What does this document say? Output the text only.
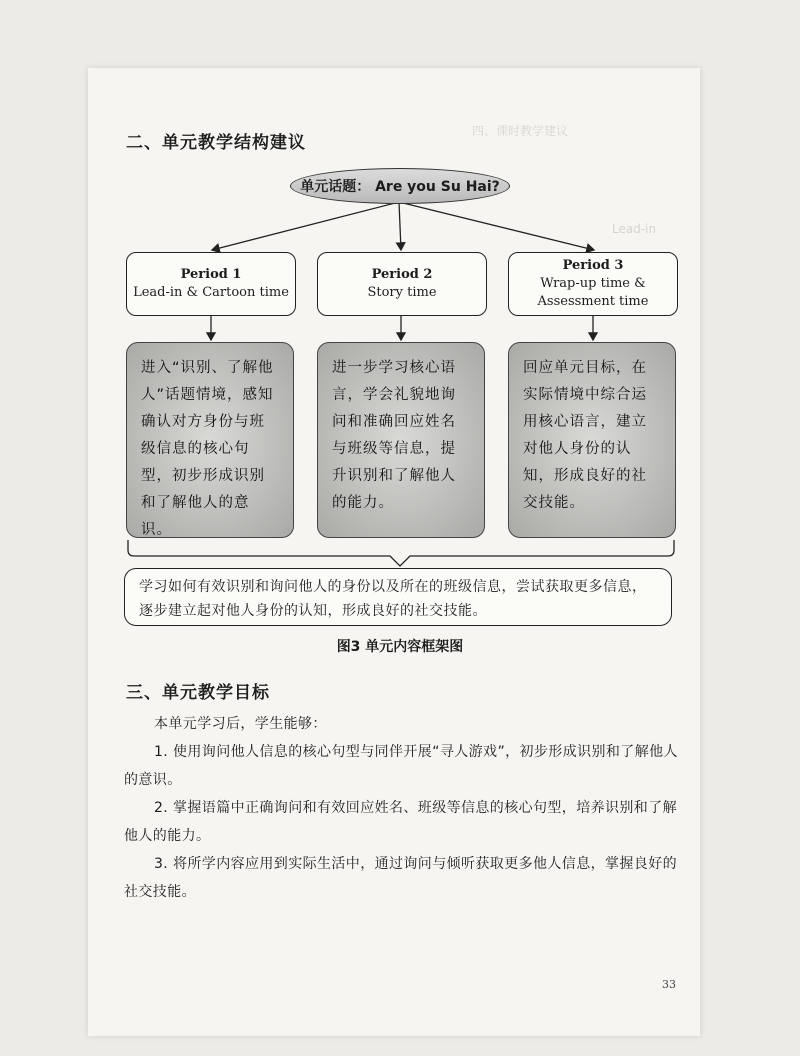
四、课时教学建议
Lead-in
二、单元教学结构建议
单元话题： Are you Su Hai?
Period 1
Lead-in & Cartoon time
Period 2
Story time
Period 3
Wrap-up time & Assessment time
进入“识别、了解他人”话题情境，感知确认对方身份与班级信息的核心句型，初步形成识别和了解他人的意识。
进一步学习核心语言，学会礼貌地询问和准确回应姓名与班级等信息，提升识别和了解他人的能力。
回应单元目标，在实际情境中综合运用核心语言，建立对他人身份的认知，形成良好的社交技能。
学习如何有效识别和询问他人的身份以及所在的班级信息，尝试获取更多信息，逐步建立起对他人身份的认知，形成良好的社交技能。
图3 单元内容框架图
三、单元教学目标
本单元学习后，学生能够：
1. 使用询问他人信息的核心句型与同伴开展“寻人游戏”，初步形成识别和了解他人的意识。
2. 掌握语篇中正确询问和有效回应姓名、班级等信息的核心句型，培养识别和了解他人的能力。
3. 将所学内容应用到实际生活中，通过询问与倾听获取更多他人信息，掌握良好的社交技能。
33
